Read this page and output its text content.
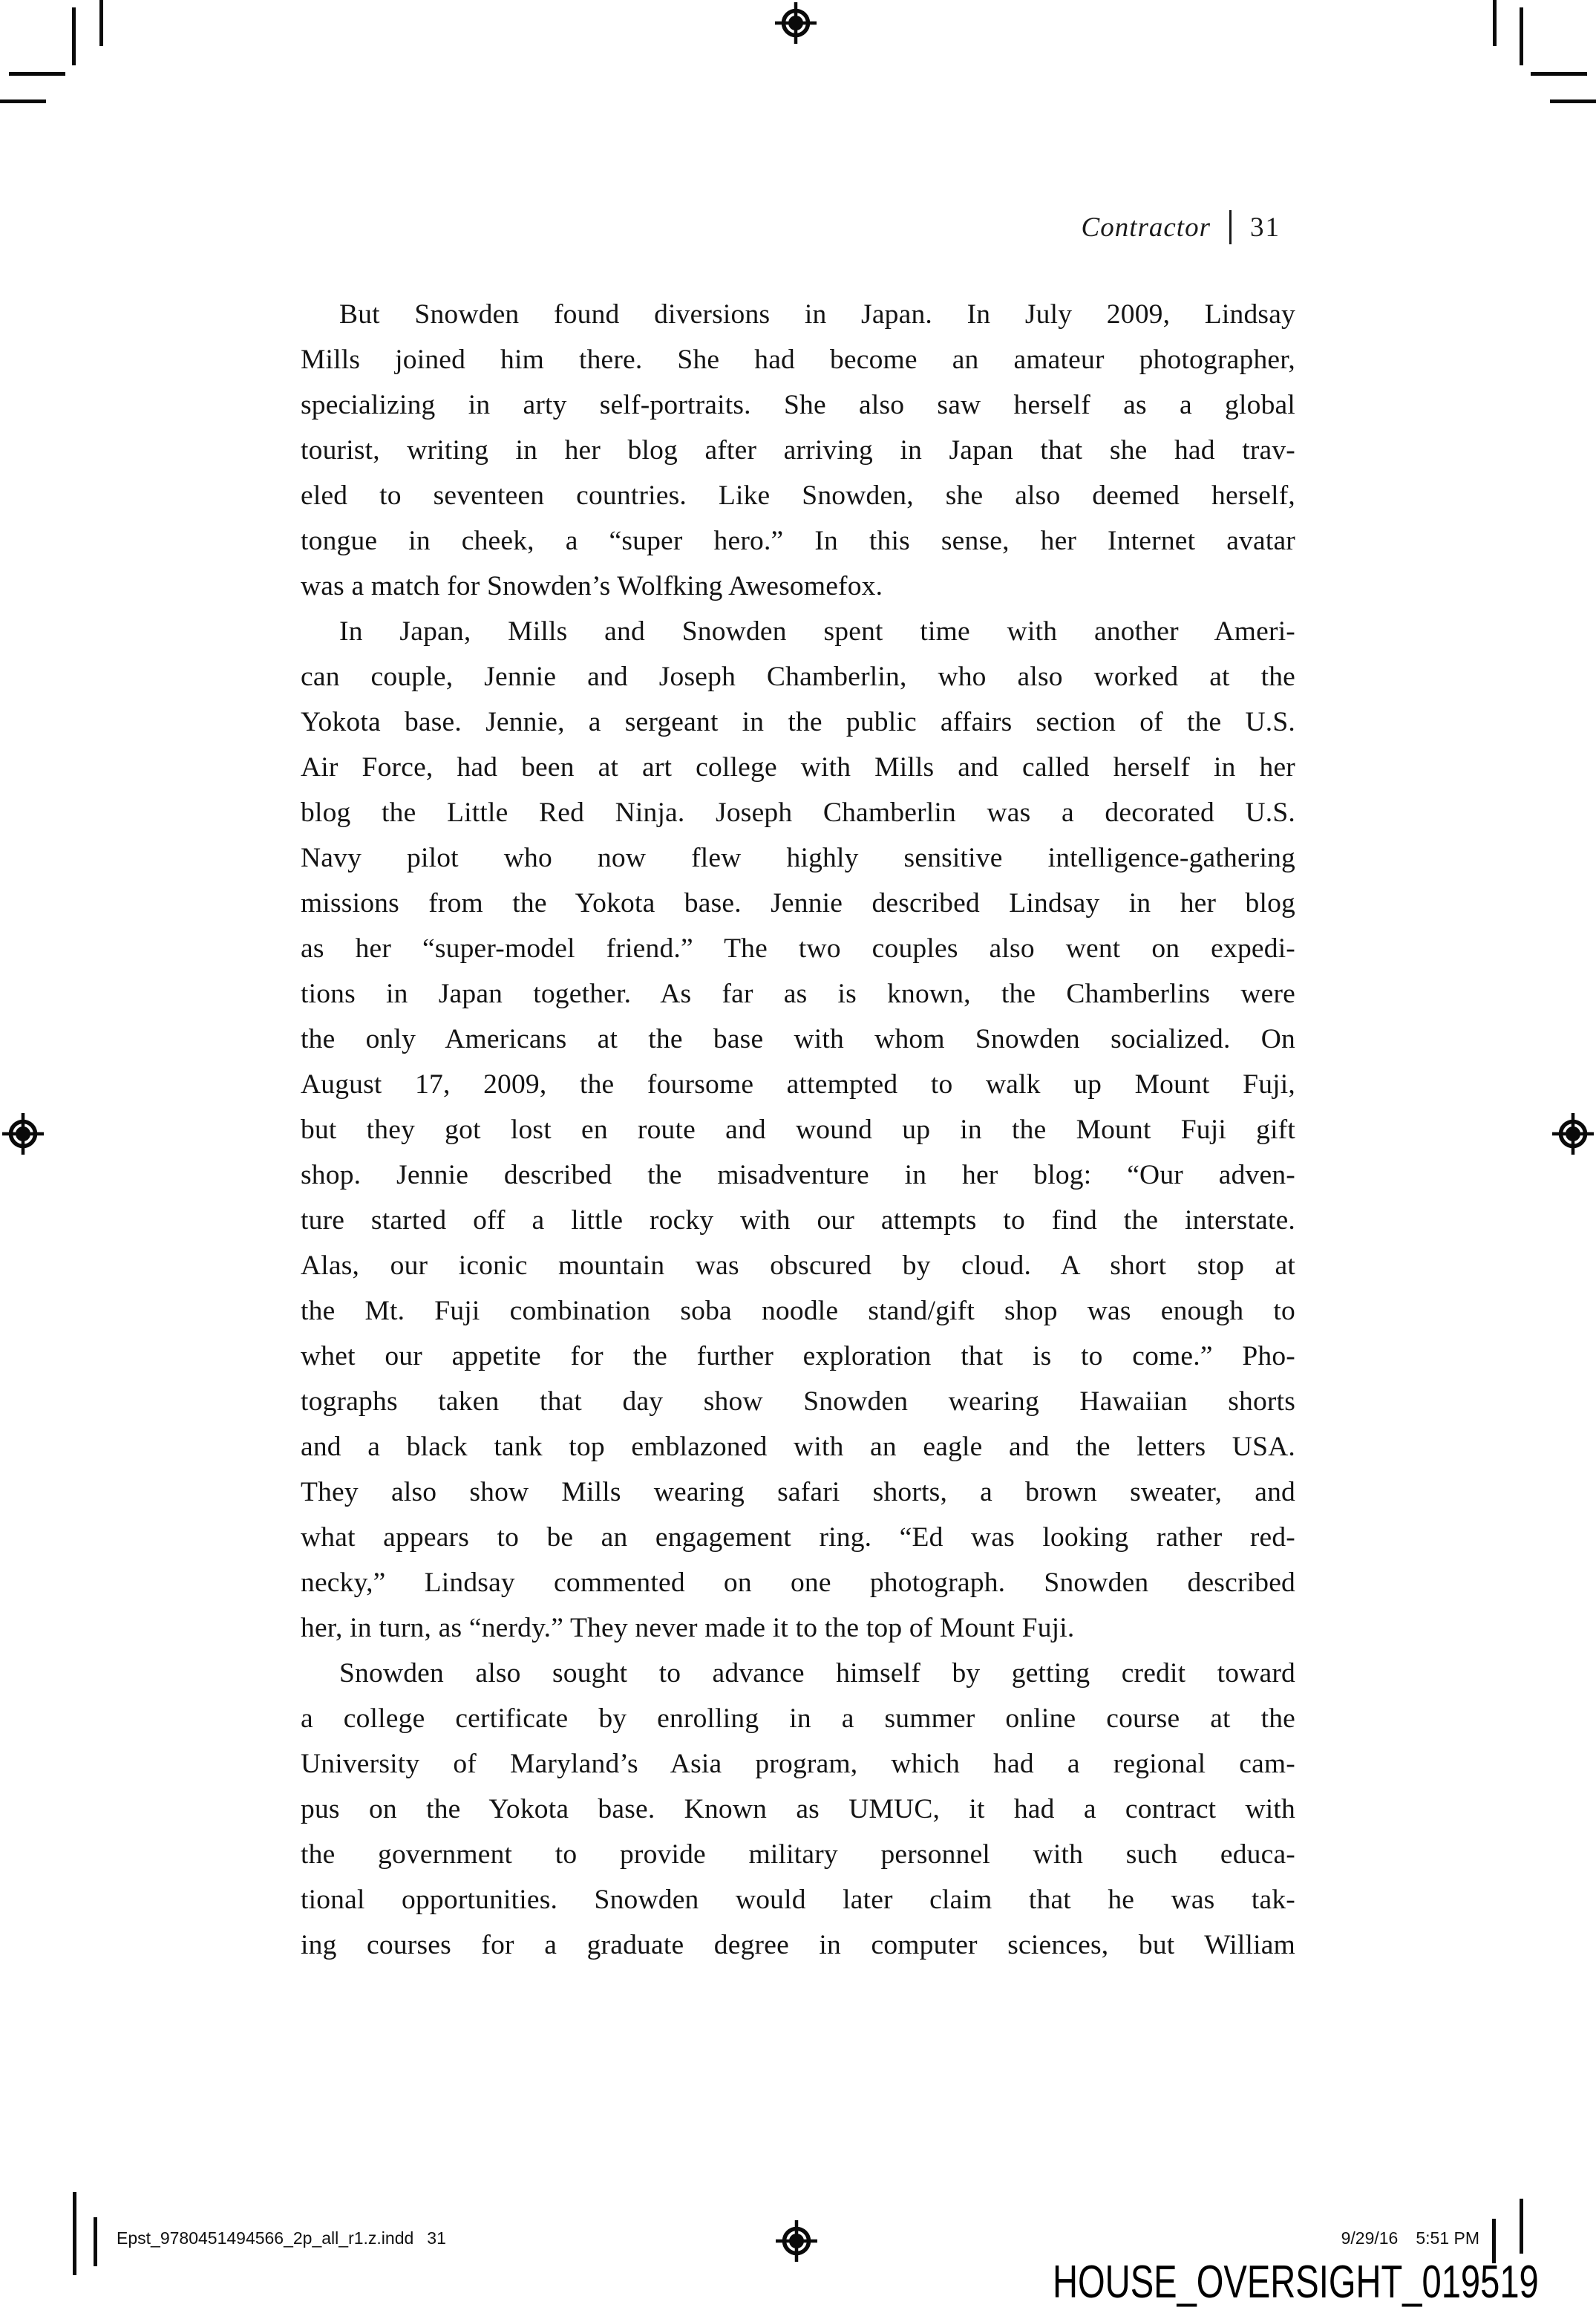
Contractor 31
But Snowden found diversions in Japan. In July 2009, Lindsay
Mills joined him there. She had become an amateur photographer,
specializing in arty self-portraits. She also saw herself as a global
tourist, writing in her blog after arriving in Japan that she had trav-
eled to seventeen countries. Like Snowden, she also deemed herself,
tongue in cheek, a “super hero.” In this sense, her Internet avatar
was a match for Snowden’s Wolfking Awesomefox.
In Japan, Mills and Snowden spent time with another Ameri-
can couple, Jennie and Joseph Chamberlin, who also worked at the
Yokota base. Jennie, a sergeant in the public affairs section of the U.S.
Air Force, had been at art college with Mills and called herself in her
blog the Little Red Ninja. Joseph Chamberlin was a decorated U.S.
Navy pilot who now flew highly sensitive intelligence-gathering
missions from the Yokota base. Jennie described Lindsay in her blog
as her “super-model friend.” The two couples also went on expedi-
tions in Japan together. As far as is known, the Chamberlins were
the only Americans at the base with whom Snowden socialized. On
August 17, 2009, the foursome attempted to walk up Mount Fuji,
but they got lost en route and wound up in the Mount Fuji gift
shop. Jennie described the misadventure in her blog: “Our adven-
ture started off a little rocky with our attempts to find the interstate.
Alas, our iconic mountain was obscured by cloud. A short stop at
the Mt. Fuji combination soba noodle stand/gift shop was enough to
whet our appetite for the further exploration that is to come.” Pho-
tographs taken that day show Snowden wearing Hawaiian shorts
and a black tank top emblazoned with an eagle and the letters USA.
They also show Mills wearing safari shorts, a brown sweater, and
what appears to be an engagement ring. “Ed was looking rather red-
necky,” Lindsay commented on one photograph. Snowden described
her, in turn, as “nerdy.” They never made it to the top of Mount Fuji.
Snowden also sought to advance himself by getting credit toward
a college certificate by enrolling in a summer online course at the
University of Maryland’s Asia program, which had a regional cam-
pus on the Yokota base. Known as UMUC, it had a contract with
the government to provide military personnel with such educa-
tional opportunities. Snowden would later claim that he was tak-
ing courses for a graduate degree in computer sciences, but William
Epst_9780451494566_2p_all_r1.z.indd 31	9/29/16 5:51 PM
HOUSE_OVERSIGHT_019519
